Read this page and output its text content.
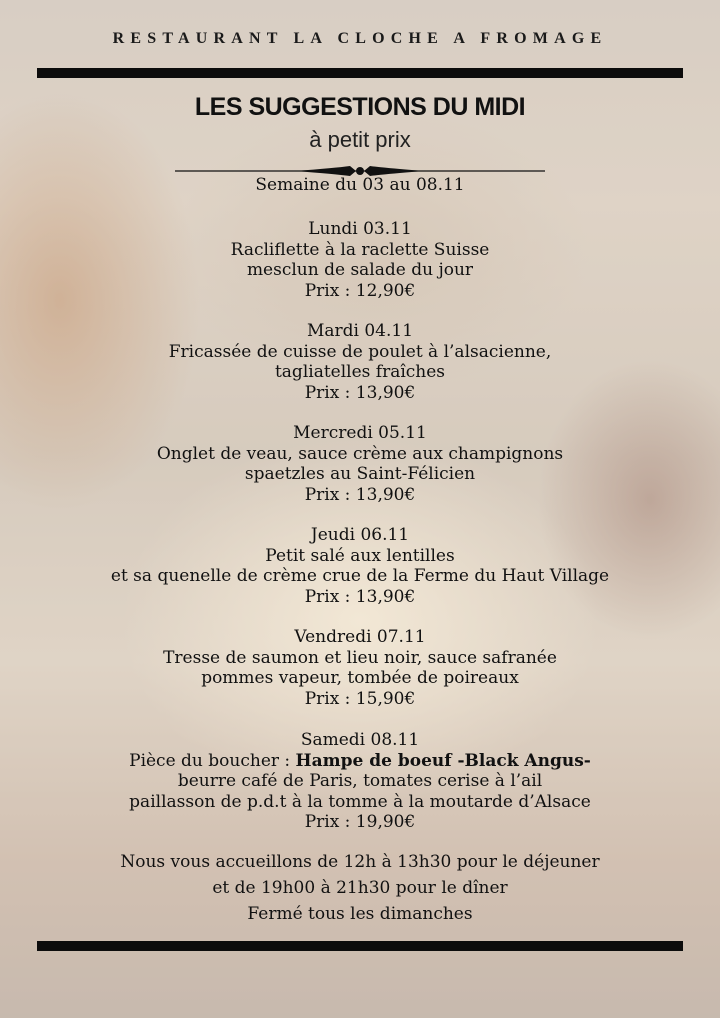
RESTAURANT LA CLOCHE A FROMAGE
LES SUGGESTIONS DU MIDI
à petit prix
Semaine du 03 au 08.11
Lundi 03.11
Racliflette à la raclette Suisse
mesclun de salade du jour
Prix : 12,90€
Mardi 04.11
Fricassée de cuisse de poulet à l’alsacienne,
tagliatelles fraîches
Prix : 13,90€
Mercredi 05.11
Onglet de veau, sauce crème aux champignons
spaetzles au Saint-Félicien
Prix : 13,90€
Jeudi 06.11
Petit salé aux lentilles
et sa quenelle de crème crue de la Ferme du Haut Village
Prix : 13,90€
Vendredi 07.11
Tresse de saumon et lieu noir, sauce safranée
pommes vapeur, tombée de poireaux
Prix : 15,90€
Samedi 08.11
Pièce du boucher : Hampe de boeuf -Black Angus-
beurre café de Paris, tomates cerise à l’ail
paillasson de p.d.t à la tomme à la moutarde d’Alsace
Prix : 19,90€
Nous vous accueillons de 12h à 13h30 pour le déjeuner
et de 19h00 à 21h30 pour le dîner
Fermé tous les dimanches
